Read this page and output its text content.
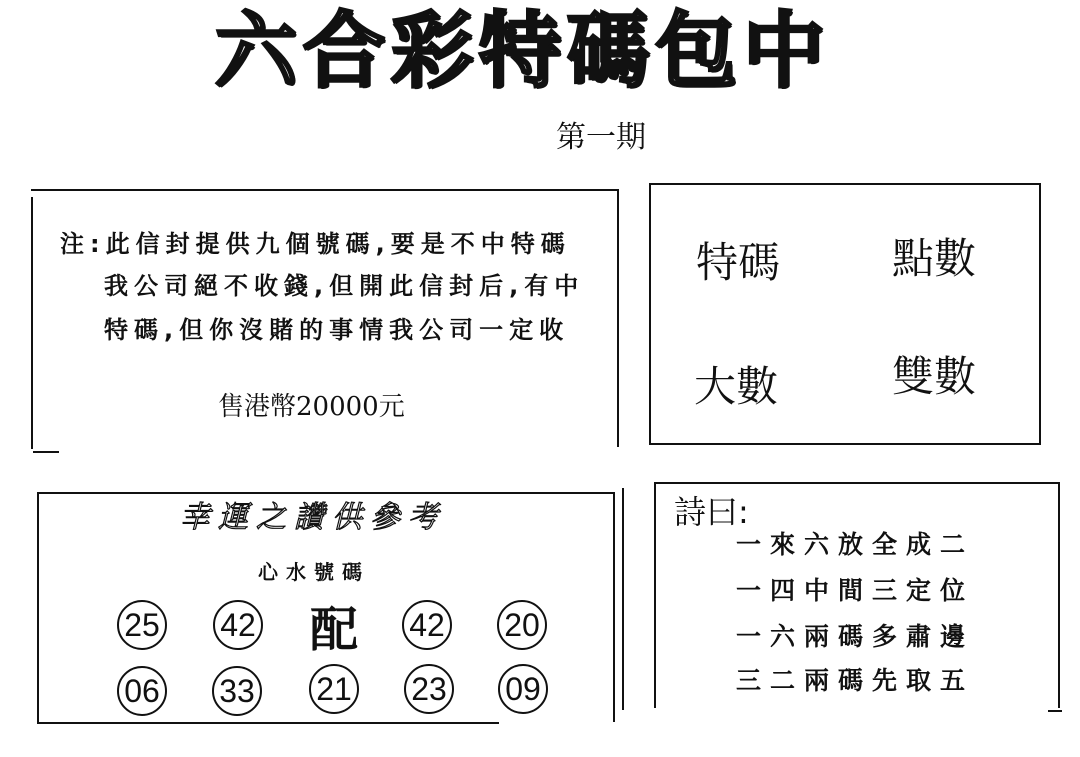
六合彩特碼包中
第一期
注:此信封提供九個號碼,要是不中特碼
我公司絕不收錢,但開此信封后,有中
特碼,但你沒賭的事情我公司一定收
售港幣20000元
特碼	點數
大數	雙數
幸運之讚供參考
心水號碼
25 42 配 42 20
06 33 21 23 09
詩曰:
一來六放全成二
一四中間三定位
一六兩碼多肅邊
三二兩碼先取五
